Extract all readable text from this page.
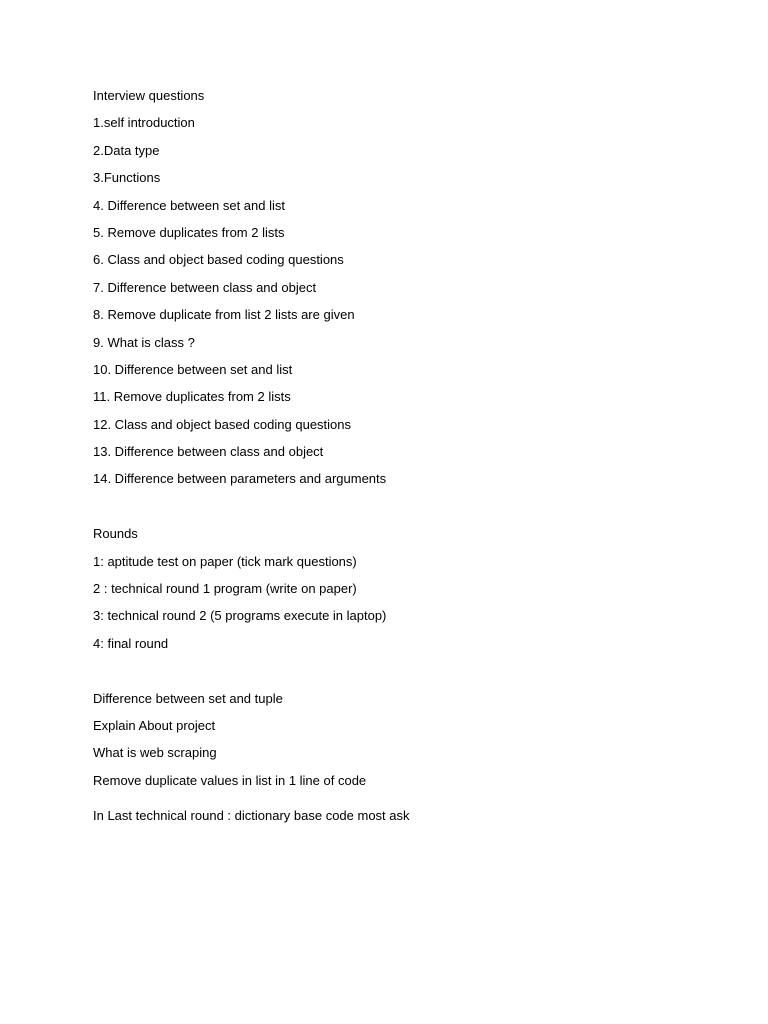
Interview questions
1.self introduction
2.Data type
3.Functions
4. Difference between set and list
5. Remove duplicates from 2 lists
6. Class and object based coding questions
7. Difference between class and object
8. Remove duplicate from list 2 lists are given
9. What is class ?
10. Difference between set and list
11. Remove duplicates from 2 lists
12. Class and object based coding questions
13. Difference between class and object
14. Difference between parameters and arguments
Rounds
1: aptitude test on paper (tick mark questions)
2 : technical round 1 program (write on paper)
3: technical round 2 (5 programs execute in laptop)
4: final round
Difference between set and tuple
Explain About project
What is web scraping
Remove duplicate values in list in 1 line of code
In Last technical round : dictionary base code most ask
